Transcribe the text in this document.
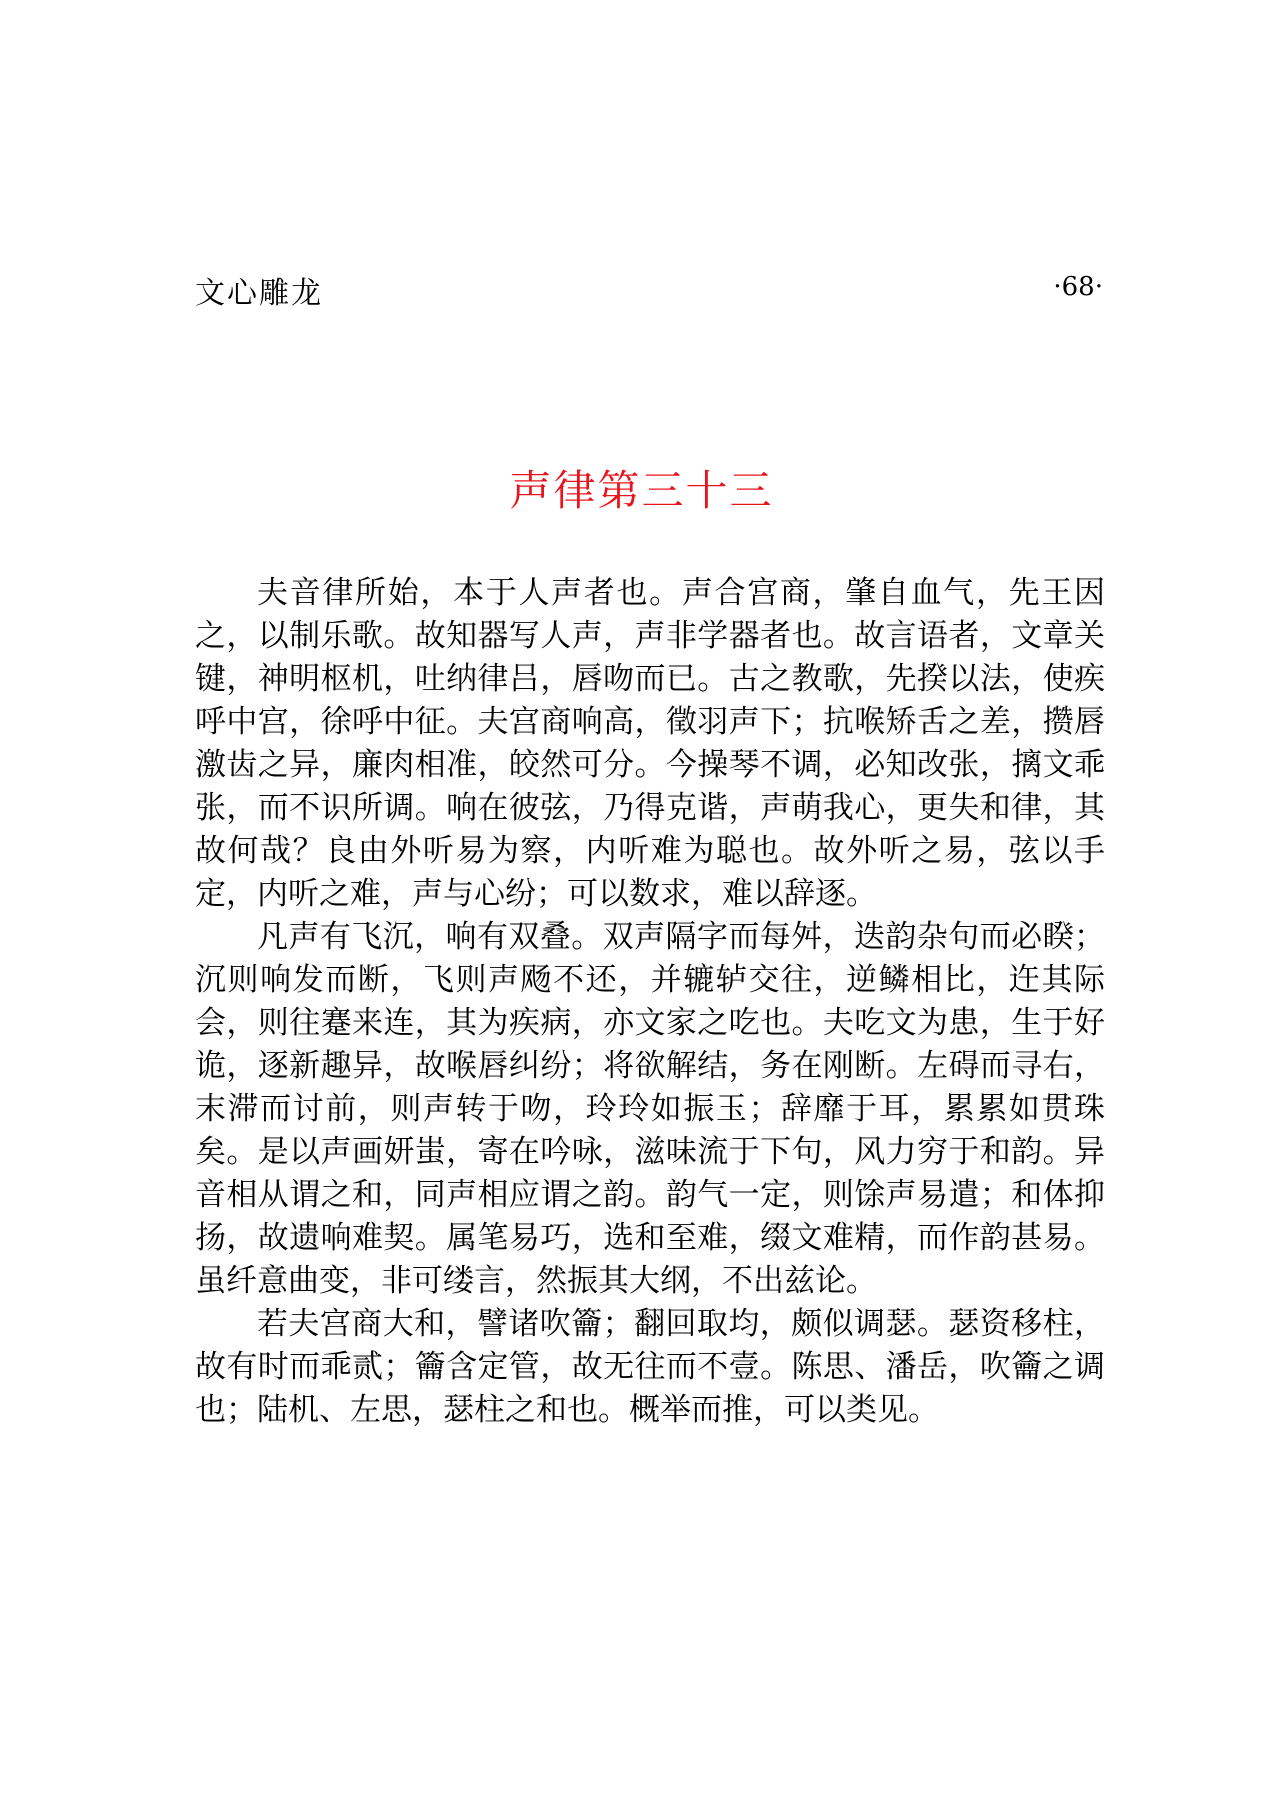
文心雕龙	·68·
声律第三十三

夫音律所始，本于人声者也。声合宫商，肇自血气，先王因之，以制乐歌。故知器写人声，声非学器者也。故言语者，文章关键，神明枢机，吐纳律吕，唇吻而已。古之教歌，先揆以法，使疾呼中宫，徐呼中征。夫宫商响高，徵羽声下；抗喉矫舌之差，攒唇激齿之异，廉肉相准，皎然可分。今操琴不调，必知改张，摛文乖张，而不识所调。响在彼弦，乃得克谐，声萌我心，更失和律，其故何哉？良由外听易为察，内听难为聪也。故外听之易，弦以手定，内听之难，声与心纷；可以数求，难以辞逐。

凡声有飞沉，响有双叠。双声隔字而每舛，迭韵杂句而必睽；沉则响发而断，飞则声飏不还，并辘轳交往，逆鳞相比，迕其际会，则往蹇来连，其为疾病，亦文家之吃也。夫吃文为患，生于好诡，逐新趣异，故喉唇纠纷；将欲解结，务在刚断。左碍而寻右，末滞而讨前，则声转于吻，玲玲如振玉；辞靡于耳，累累如贯珠矣。是以声画妍蚩，寄在吟咏，滋味流于下句，风力穷于和韵。异音相从谓之和，同声相应谓之韵。韵气一定，则馀声易遣；和体抑扬，故遗响难契。属笔易巧，选和至难，缀文难精，而作韵甚易。虽纤意曲变，非可缕言，然振其大纲，不出兹论。

若夫宫商大和，譬诸吹籥；翻回取均，颇似调瑟。瑟资移柱，故有时而乖贰；籥含定管，故无往而不壹。陈思、潘岳，吹籥之调也；陆机、左思，瑟柱之和也。概举而推，可以类见。
